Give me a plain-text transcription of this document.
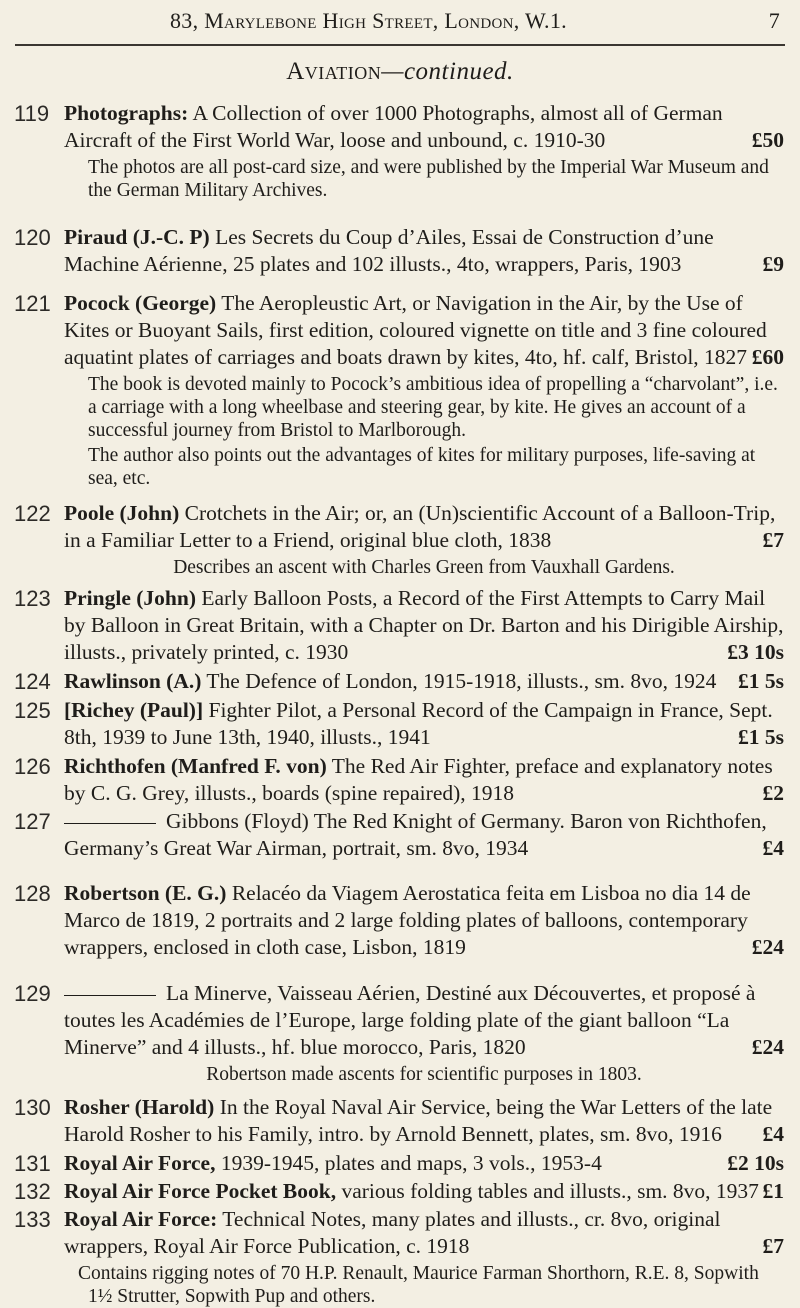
83, Marylebone High Street, London, W.1.	7
Aviation—continued.
119 Photographs: A Collection of over 1000 Photographs, almost all of German Aircraft of the First World War, loose and unbound, c. 1910-30	£50
The photos are all post-card size, and were published by the Imperial War Museum and the German Military Archives.
120 Piraud (J.-C. P) Les Secrets du Coup d’Ailes, Essai de Construction d’une Machine Aérienne, 25 plates and 102 illusts., 4to, wrappers, Paris, 1903	£9
121 Pocock (George) The Aeropleustic Art, or Navigation in the Air, by the Use of Kites or Buoyant Sails, first edition, coloured vignette on title and 3 fine coloured aquatint plates of carriages and boats drawn by kites, 4to, hf. calf, Bristol, 1827 £60
The book is devoted mainly to Pocock’s ambitious idea of propelling a “charvolant”, i.e. a carriage with a long wheelbase and steering gear, by kite. He gives an account of a successful journey from Bristol to Marlborough.
The author also points out the advantages of kites for military purposes, life-saving at sea, etc.
122 Poole (John) Crotchets in the Air; or, an (Un)scientific Account of a Balloon-Trip, in a Familiar Letter to a Friend, original blue cloth, 1838	£7
Describes an ascent with Charles Green from Vauxhall Gardens.
123 Pringle (John) Early Balloon Posts, a Record of the First Attempts to Carry Mail by Balloon in Great Britain, with a Chapter on Dr. Barton and his Dirigible Airship, illusts., privately printed, c. 1930	£3 10s
124 Rawlinson (A.) The Defence of London, 1915-1918, illusts., sm. 8vo, 1924 £1 5s
125 [Richey (Paul)] Fighter Pilot, a Personal Record of the Campaign in France, Sept. 8th, 1939 to June 13th, 1940, illusts., 1941	£1 5s
126 Richthofen (Manfred F. von) The Red Air Fighter, preface and explanatory notes by C. G. Grey, illusts., boards (spine repaired), 1918	£2
127	Gibbons (Floyd) The Red Knight of Germany. Baron von Richthofen, Germany’s Great War Airman, portrait, sm. 8vo, 1934	£4
128 Robertson (E. G.) Relacéo da Viagem Aerostatica feita em Lisboa no dia 14 de Marco de 1819, 2 portraits and 2 large folding plates of balloons, contemporary wrappers, enclosed in cloth case, Lisbon, 1819	£24
129	La Minerve, Vaisseau Aérien, Destiné aux Découvertes, et proposé à toutes les Académies de l’Europe, large folding plate of the giant balloon “La Minerve” and 4 illusts., hf. blue morocco, Paris, 1820	£24
Robertson made ascents for scientific purposes in 1803.
130 Rosher (Harold) In the Royal Naval Air Service, being the War Letters of the late Harold Rosher to his Family, intro. by Arnold Bennett, plates, sm. 8vo, 1916 £4
131 Royal Air Force, 1939-1945, plates and maps, 3 vols., 1953-4	£2 10s
132 Royal Air Force Pocket Book, various folding tables and illusts., sm. 8vo, 1937 £1
133 Royal Air Force: Technical Notes, many plates and illusts., cr. 8vo, original wrappers, Royal Air Force Publication, c. 1918	£7
Contains rigging notes of 70 H.P. Renault, Maurice Farman Shorthorn, R.E. 8, Sopwith 1½ Strutter, Sopwith Pup and others.
